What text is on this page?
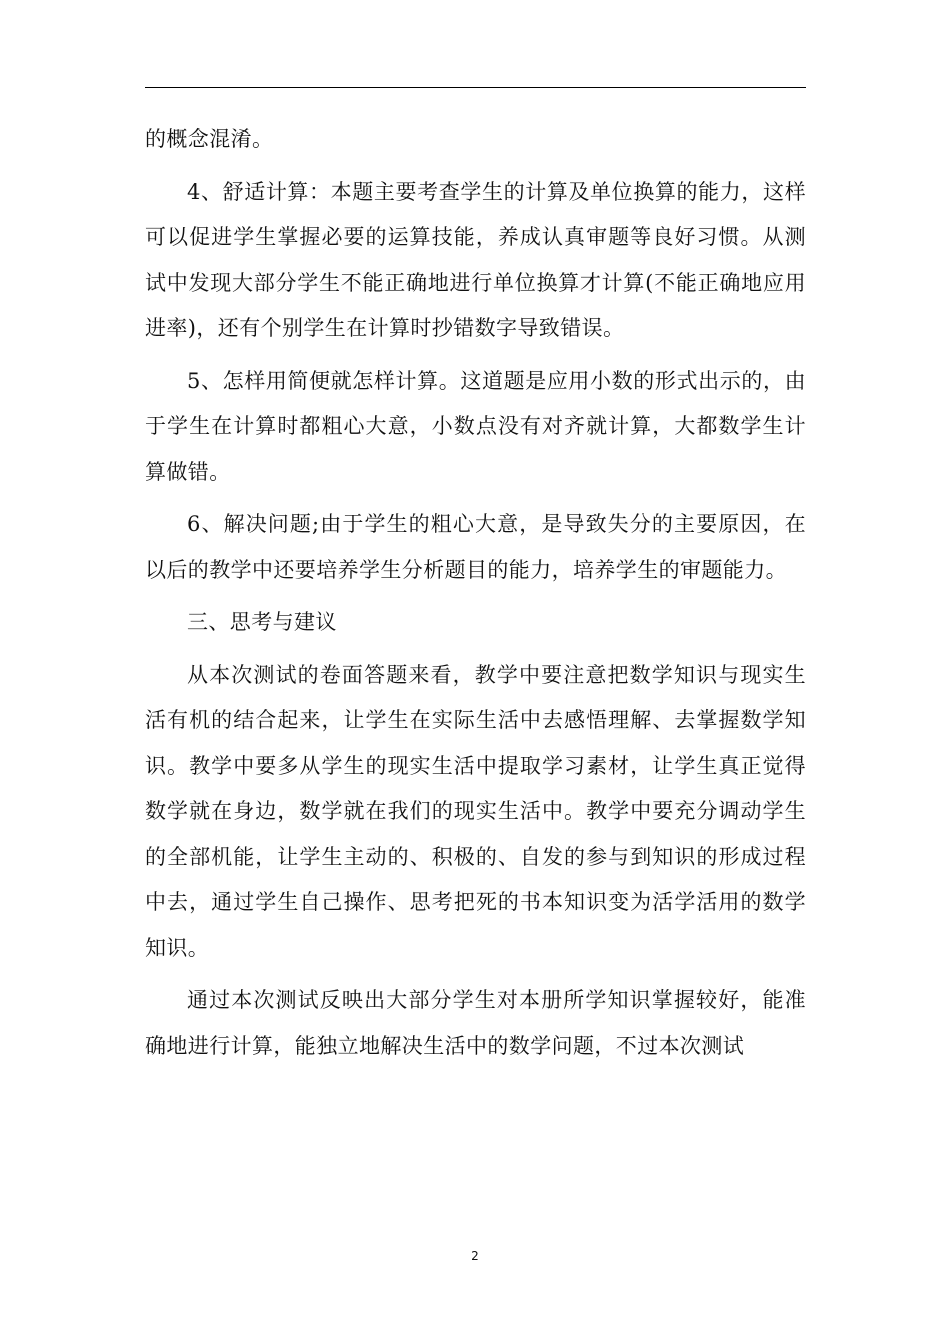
的概念混淆。

4、舒适计算：本题主要考查学生的计算及单位换算的能力，这样可以促进学生掌握必要的运算技能，养成认真审题等良好习惯。从测试中发现大部分学生不能正确地进行单位换算才计算(不能正确地应用进率)，还有个别学生在计算时抄错数字导致错误。

5、怎样用简便就怎样计算。这道题是应用小数的形式出示的，由于学生在计算时都粗心大意，小数点没有对齐就计算，大都数学生计算做错。

6、解决问题;由于学生的粗心大意，是导致失分的主要原因，在以后的教学中还要培养学生分析题目的能力，培养学生的审题能力。

三、思考与建议

从本次测试的卷面答题来看，教学中要注意把数学知识与现实生活有机的结合起来，让学生在实际生活中去感悟理解、去掌握数学知识。教学中要多从学生的现实生活中提取学习素材，让学生真正觉得数学就在身边，数学就在我们的现实生活中。教学中要充分调动学生的全部机能，让学生主动的、积极的、自发的参与到知识的形成过程中去，通过学生自己操作、思考把死的书本知识变为活学活用的数学知识。

通过本次测试反映出大部分学生对本册所学知识掌握较好，能准确地进行计算，能独立地解决生活中的数学问题，不过本次测试

2
